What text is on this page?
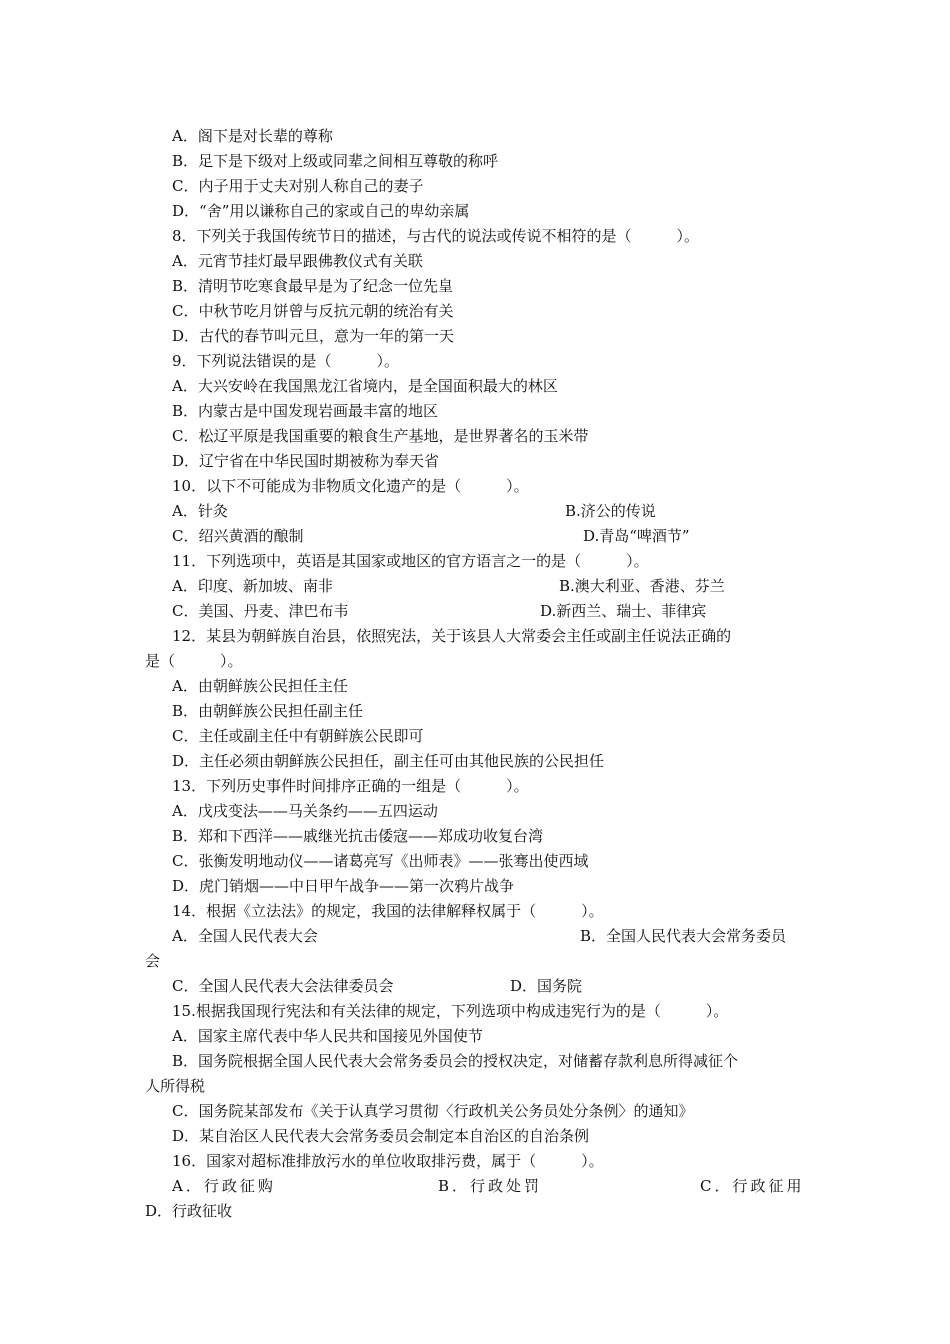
A．阁下是对长辈的尊称
B．足下是下级对上级或同辈之间相互尊敬的称呼
C．内子用于丈夫对别人称自己的妻子
D．“舍”用以谦称自己的家或自己的卑幼亲属
8．下列关于我国传统节日的描述，与古代的说法或传说不相符的是（　　　）。
A．元宵节挂灯最早跟佛教仪式有关联
B．清明节吃寒食最早是为了纪念一位先皇
C．中秋节吃月饼曾与反抗元朝的统治有关
D．古代的春节叫元旦，意为一年的第一天
9．下列说法错误的是（　　　）。
A．大兴安岭在我国黑龙江省境内，是全国面积最大的林区
B．内蒙古是中国发现岩画最丰富的地区
C．松辽平原是我国重要的粮食生产基地，是世界著名的玉米带
D．辽宁省在中华民国时期被称为奉天省
10．以下不可能成为非物质文化遗产的是（　　　）。
A．针灸	B.济公的传说
C．绍兴黄酒的酿制	D.青岛“啤酒节”
11．下列选项中，英语是其国家或地区的官方语言之一的是（　　　）。
A．印度、新加坡、南非	B.澳大利亚、香港、芬兰
C．美国、丹麦、津巴布韦	D.新西兰、瑞士、菲律宾
12．某县为朝鲜族自治县，依照宪法，关于该县人大常委会主任或副主任说法正确的
是（　　　）。
A．由朝鲜族公民担任主任
B．由朝鲜族公民担任副主任
C．主任或副主任中有朝鲜族公民即可
D．主任必须由朝鲜族公民担任，副主任可由其他民族的公民担任
13．下列历史事件时间排序正确的一组是（　　　）。
A．戊戌变法——马关条约——五四运动
B．郑和下西洋——戚继光抗击倭寇——郑成功收复台湾
C．张衡发明地动仪——诸葛亮写《出师表》——张骞出使西域
D．虎门销烟——中日甲午战争——第一次鸦片战争
14．根据《立法法》的规定，我国的法律解释权属于（　　　）。
A．全国人民代表大会	B．全国人民代表大会常务委员
会
C．全国人民代表大会法律委员会	D．国务院
15.根据我国现行宪法和有关法律的规定，下列选项中构成违宪行为的是（　　　）。
A．国家主席代表中华人民共和国接见外国使节
B．国务院根据全国人民代表大会常务委员会的授权决定，对储蓄存款利息所得减征个
人所得税
C．国务院某部发布《关于认真学习贯彻〈行政机关公务员处分条例〉的通知》
D．某自治区人民代表大会常务委员会制定本自治区的自治条例
16．国家对超标准排放污水的单位收取排污费，属于（　　　）。
A．行政征购	B．行政处罚	C．行政征用
D．行政征收
